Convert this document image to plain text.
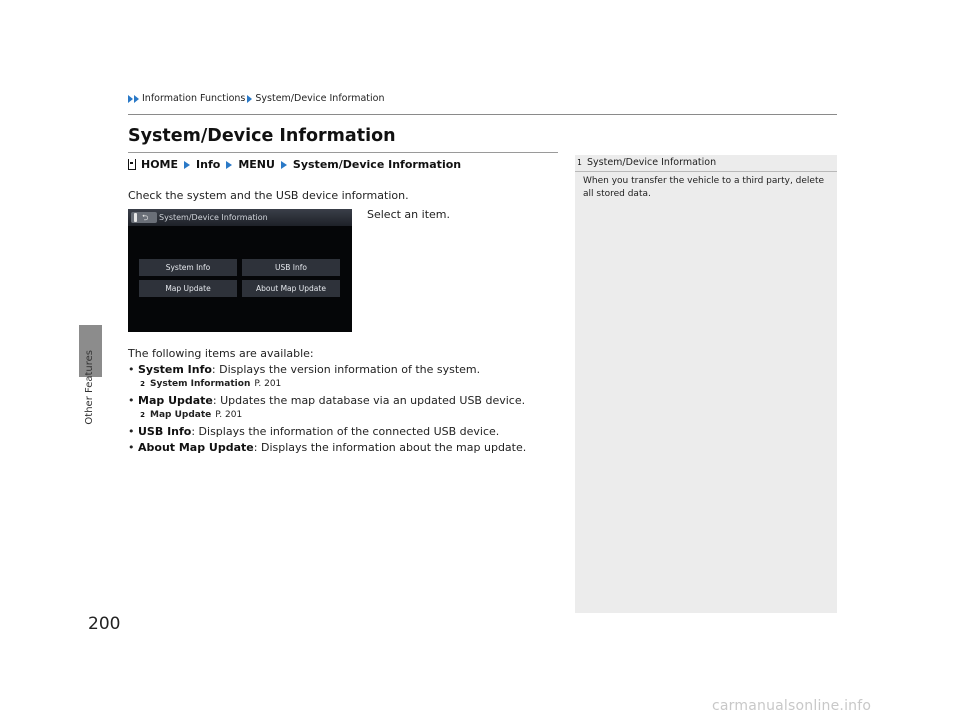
Information Functions System/Device Information
Other Features
200
System/Device Information
HOME Info MENU System/Device Information
Check the system and the USB device information.
Select an item.
⮌ System/Device Information
System Info	USB Info
Map Update	About Map Update
The following items are available:
• System Info: Displays the version information of the system.
2 System Information P. 201
• Map Update: Updates the map database via an updated USB device.
2 Map Update P. 201
• USB Info: Displays the information of the connected USB device.
• About Map Update: Displays the information about the map update.
1 System/Device Information
When you transfer the vehicle to a third party, delete all stored data.
carmanualsonline.info
